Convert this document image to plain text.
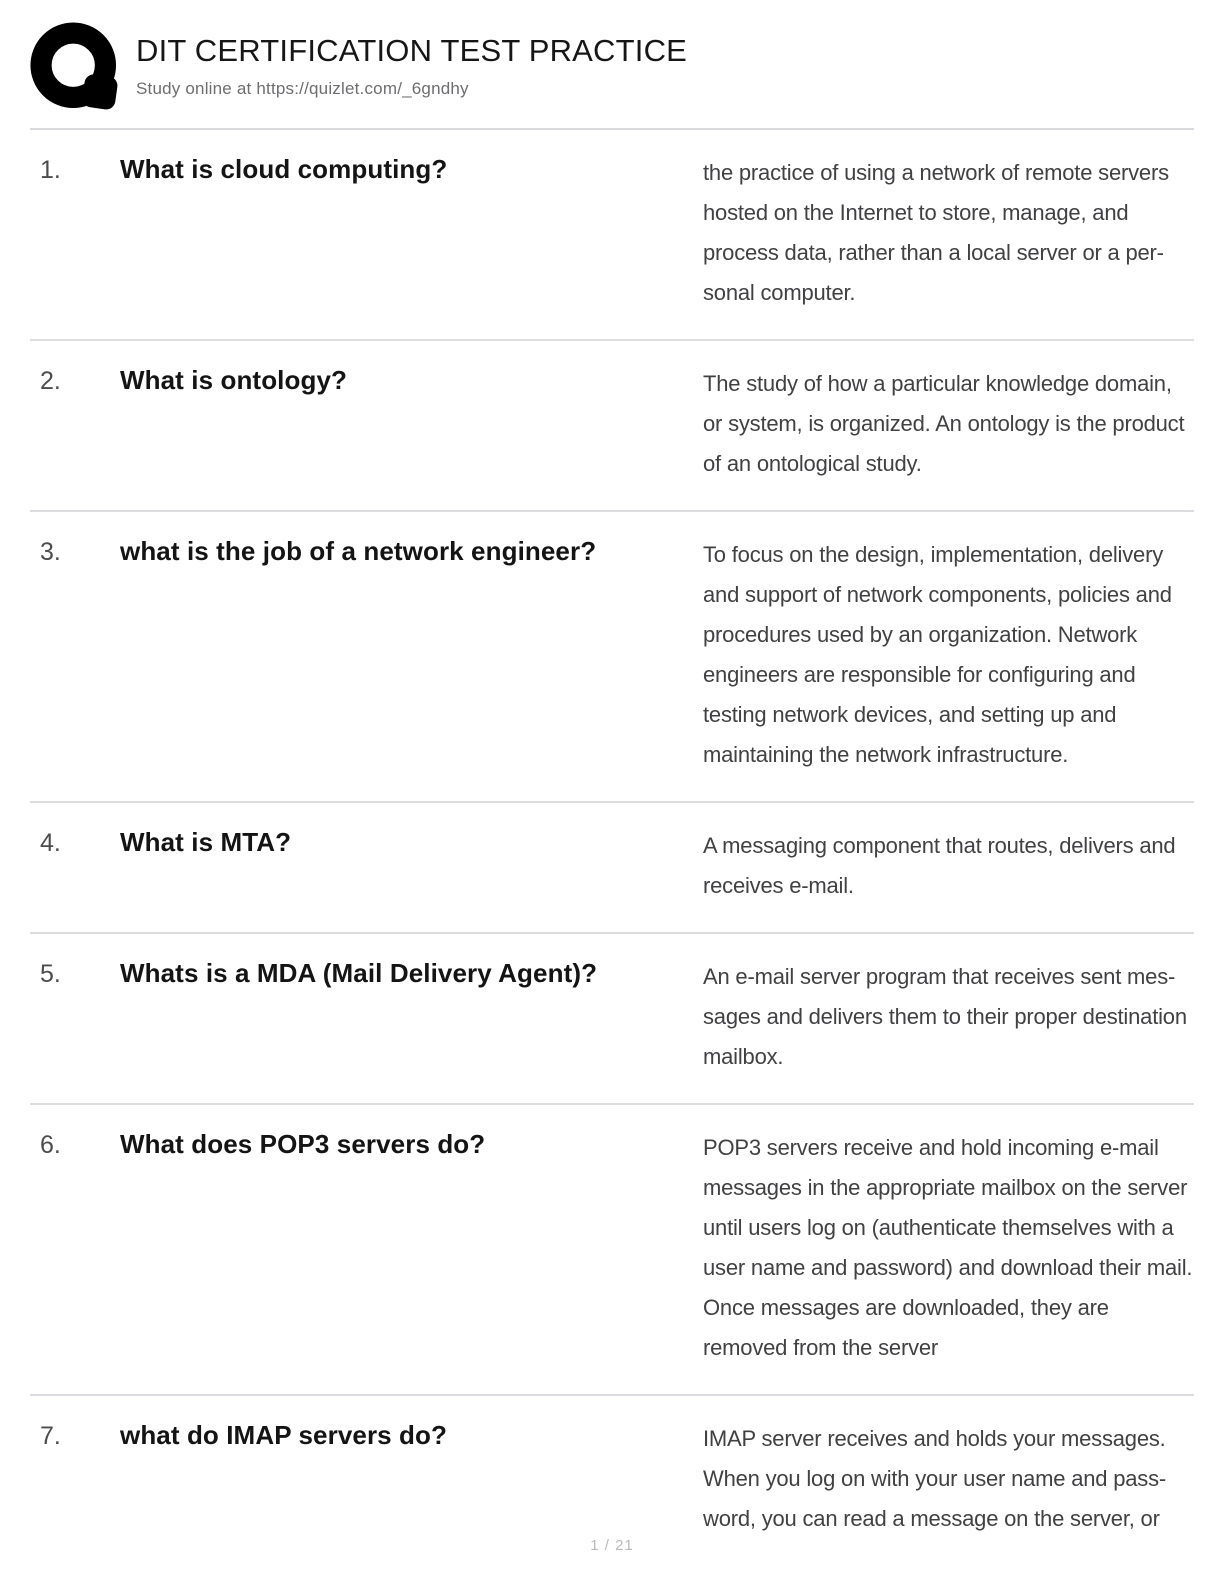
DIT CERTIFICATION TEST PRACTICE
Study online at https://quizlet.com/_6gndhy
1.	What is cloud computing?	the practice of using a network of remote servers hosted on the Internet to store, manage, and process data, rather than a local server or a personal computer.
2.	What is ontology?	The study of how a particular knowledge domain, or system, is organized. An ontology is the product of an ontological study.
3.	what is the job of a network engineer?	To focus on the design, implementation, delivery and support of network components, policies and procedures used by an organization. Network engineers are responsible for configuring and testing network devices, and setting up and maintaining the network infrastructure.
4.	What is MTA?	A messaging component that routes, delivers and receives e-mail.
5.	Whats is a MDA (Mail Delivery Agent)?	An e-mail server program that receives sent messages and delivers them to their proper destination mailbox.
6.	What does POP3 servers do?	POP3 servers receive and hold incoming e-mail messages in the appropriate mailbox on the server until users log on (authenticate themselves with a user name and password) and download their mail. Once messages are downloaded, they are removed from the server
7.	what do IMAP servers do?	IMAP server receives and holds your messages. When you log on with your user name and password, you can read a message on the server, or
1 / 21
